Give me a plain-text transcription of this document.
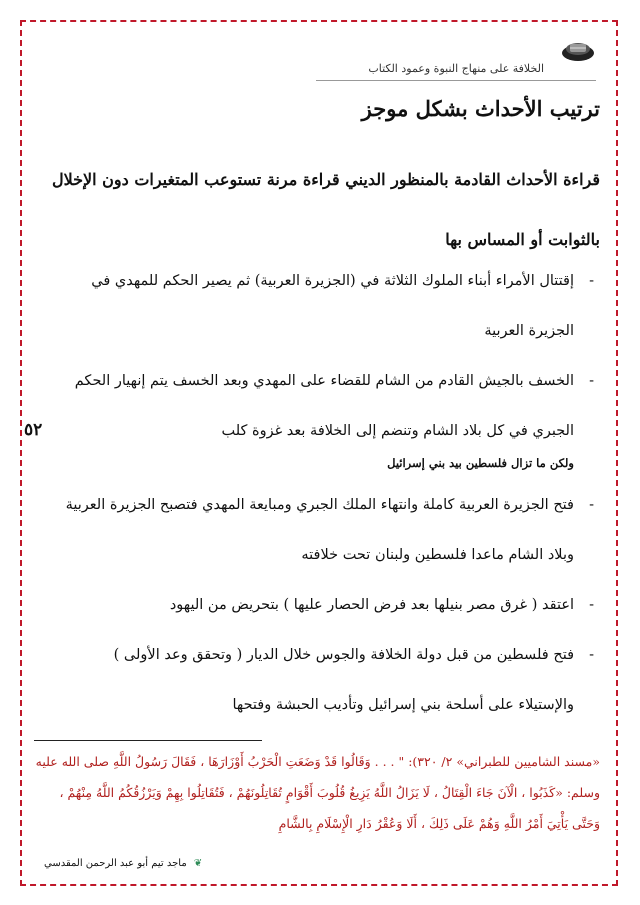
الخلافة على منهاج النبوة وعمود الكتاب
ترتيب الأحداث بشكل موجز
قراءة الأحداث القادمة بالمنظور الديني قراءة مرنة تستوعب المتغيرات دون الإخلال بالثوابت أو المساس بها
٥٢
-
إقتتال الأمراء أبناء الملوك الثلاثة في (الجزيرة العربية) ثم يصير الحكم للمهدي في الجزيرة العربية
-
الخسف بالجيش القادم من الشام للقضاء على المهدي وبعد الخسف يتم إنهيار الحكم الجبري في كل بلاد الشام وتنضم إلى الخلافة بعد غزوة كلب
ولكن ما تزال فلسطين بيد بني إسرائيل
-
فتح الجزيرة العربية كاملة وانتهاء الملك الجبري ومبايعة المهدي فتصبح الجزيرة العربية وبلاد الشام ماعدا فلسطين ولبنان تحت خلافته
-
اعتقد ( غرق مصر بنيلها بعد فرض الحصار عليها ) بتحريض من اليهود
-
فتح فلسطين من قبل دولة الخلافة والجوس خلال الديار ( وتحقق وعد الأولى ) والإستيلاء على أسلحة بني إسرائيل وتأديب الحبشة وفتحها
«مسند الشاميين للطبراني» ٢/ ٣٢٠): " . . . وَقَالُوا قَدْ وَضَعَتِ الْحَرْبُ أَوْزَارَهَا ، فَقَالَ رَسُولُ اللَّهِ صلى الله عليه وسلم: «كَذَبُوا ، الْآنَ جَاءَ الْقِتَالُ ، لَا يَزَالُ اللَّهُ يَزِيغُ قُلُوبَ أَقْوَامٍ تُقَاتِلُونَهُمْ ، فَتُقَاتِلُوا بِهِمْ وَيَرْزُقُكُمُ اللَّهُ مِنْهُمْ ، وَحَتَّى يَأْتِيَ أَمْرُ اللَّهِ وَهُمْ عَلَى ذَلِكَ ، أَلَا وَعُقْرُ دَارِ الْإِسْلَامِ بِالشَّامِ
❦ ماجد تيم أبو عبد الرحمن المقدسي
